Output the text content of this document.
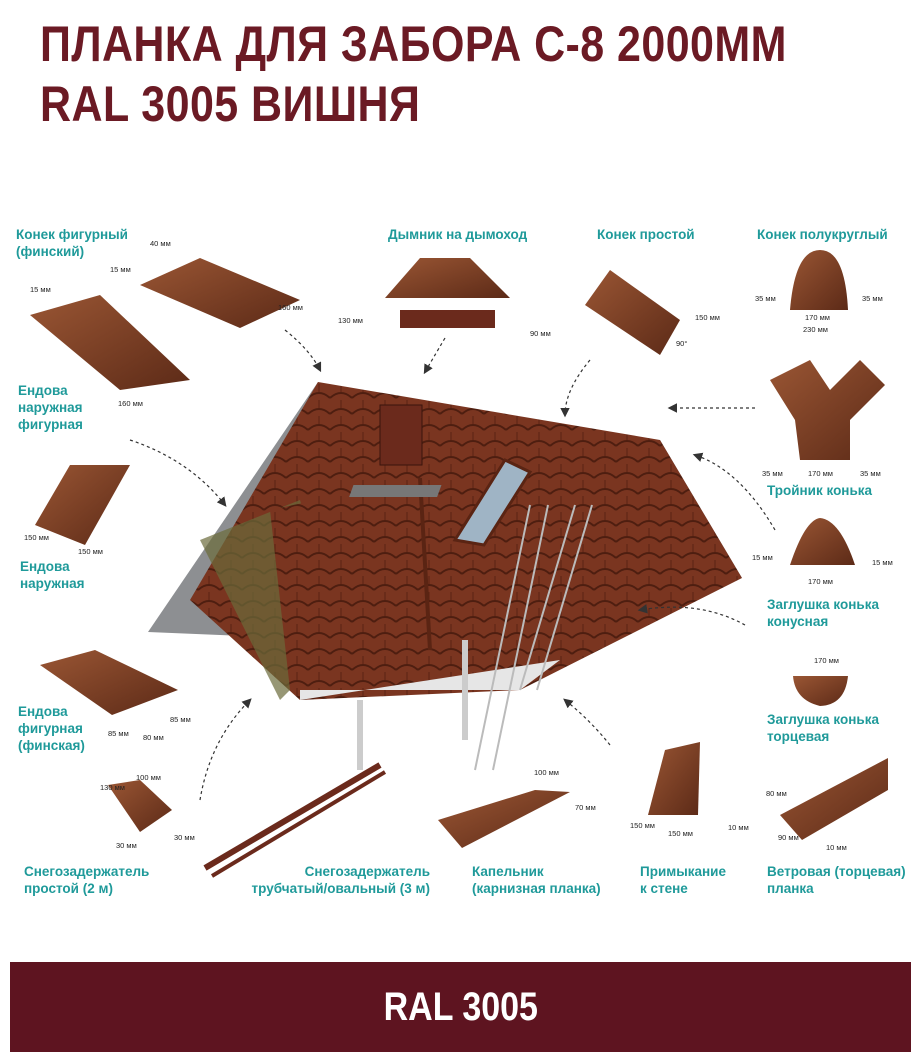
ПЛАНКА ДЛЯ ЗАБОРА С-8 2000ММ
RAL 3005 ВИШНЯ
40 мм
15 мм
160 мм
15 мм
160 мм
130 мм
90 мм
150 мм
90°
35 мм	35 мм
170 мм
230 мм
35 мм	170 мм	35 мм
150 мм
150 мм
15 мм
15 мм
170 мм
170 мм
85 мм 80 мм
85 мм
100 мм
130 мм
30 мм
30 мм
100 мм
70 мм
150 мм
150 мм
80 мм
10 мм
90 мм
10 мм
Конек фигурный
(финский)
Дымник на дымоход	Конек простой	Конек полукруглый
Ендова
наружная
фигурная
Тройник конька
Ендова
наружная
Заглушка конька
конусная
Ендова
фигурная
(финская)
Заглушка конька
торцевая
Снегозадержатель
простой (2 м)
Снегозадержатель
трубчатый/овальный (3 м)
Капельник
(карнизная планка)
Примыкание
к стене
Ветровая (торцевая)
планка
RAL 3005
